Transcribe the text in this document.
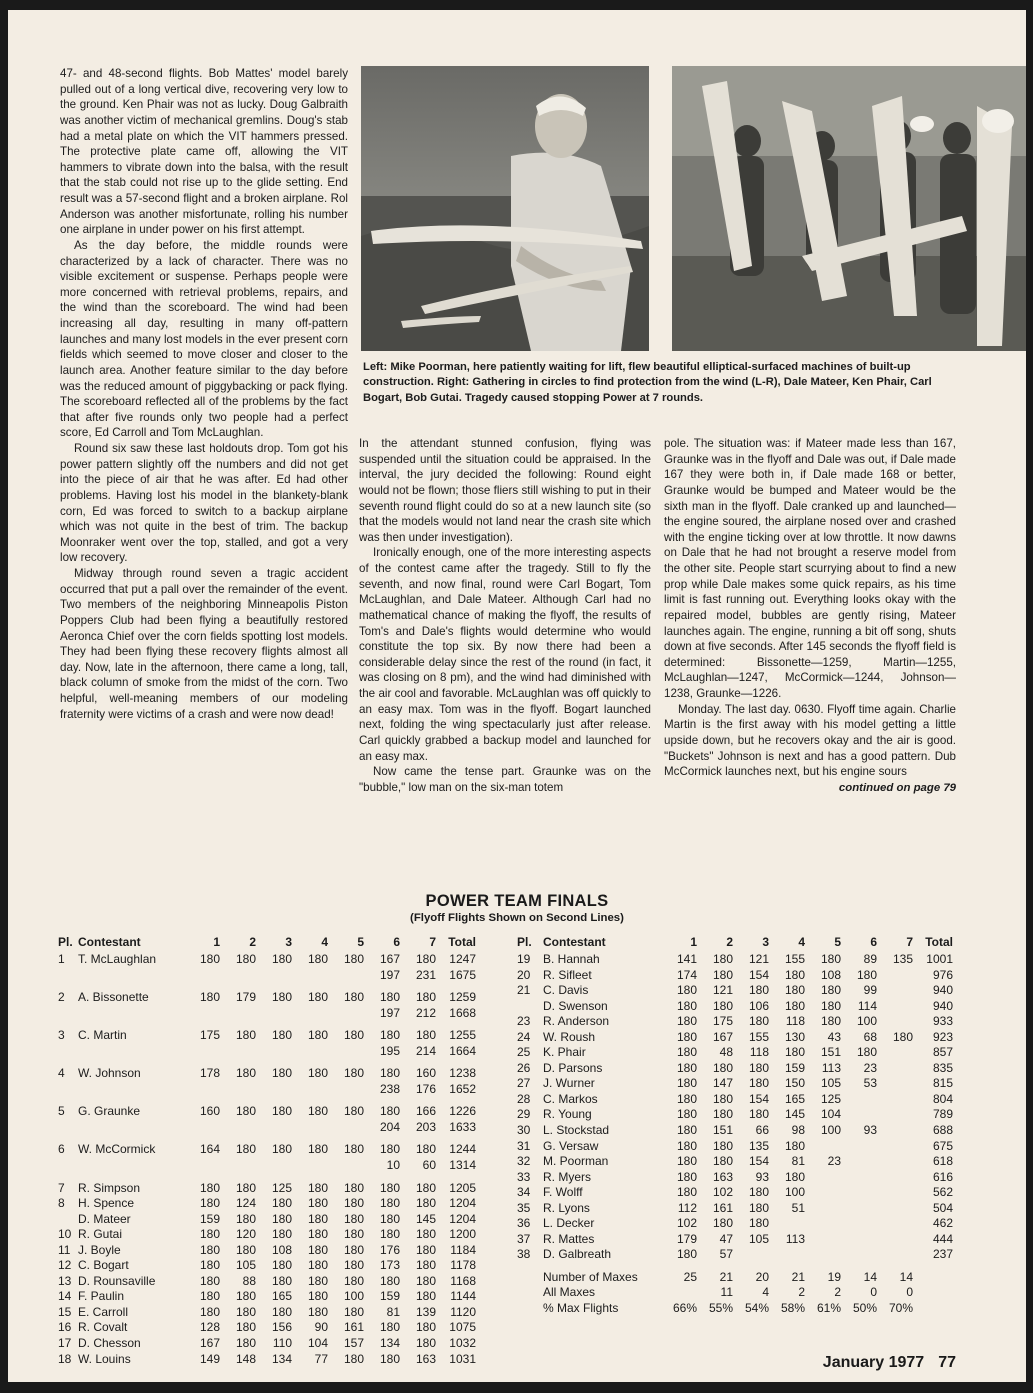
47- and 48-second flights. Bob Mattes' model barely pulled out of a long vertical dive, recovering very low to the ground. Ken Phair was not as lucky. Doug Galbraith was another victim of mechanical gremlins. Doug's stab had a metal plate on which the VIT hammers pressed. The protective plate came off, allowing the VIT hammers to vibrate down into the balsa, with the result that the stab could not rise up to the glide setting. End result was a 57-second flight and a broken airplane. Rol Anderson was another misfortunate, rolling his number one airplane in under power on his first attempt.

As the day before, the middle rounds were characterized by a lack of character. There was no visible excitement or suspense. Perhaps people were more concerned with retrieval problems, repairs, and the wind than the scoreboard. The wind had been increasing all day, resulting in many off-pattern launches and many lost models in the ever present corn fields which seemed to move closer and closer to the launch area. Another feature similar to the day before was the reduced amount of piggybacking or pack flying. The scoreboard reflected all of the problems by the fact that after five rounds only two people had a perfect score, Ed Carroll and Tom McLaughlan.

Round six saw these last holdouts drop. Tom got his power pattern slightly off the numbers and did not get into the piece of air that he was after. Ed had other problems. Having lost his model in the blankety-blank corn, Ed was forced to switch to a backup airplane which was not quite in the best of trim. The backup Moonraker went over the top, stalled, and got a very low recovery.

Midway through round seven a tragic accident occurred that put a pall over the remainder of the event. Two members of the neighboring Minneapolis Piston Poppers Club had been flying a beautifully restored Aeronca Chief over the corn fields spotting lost models. They had been flying these recovery flights almost all day. Now, late in the afternoon, there came a long, tall, black column of smoke from the midst of the corn. Two helpful, well-meaning members of our modeling fraternity were victims of a crash and were now dead!

Left: Mike Poorman, here patiently waiting for lift, flew beautiful elliptical-surfaced machines of built-up construction. Right: Gathering in circles to find protection from the wind (L-R), Dale Mateer, Ken Phair, Carl Bogart, Bob Gutai. Tragedy caused stopping Power at 7 rounds.

In the attendant stunned confusion, flying was suspended until the situation could be appraised. In the interval, the jury decided the following: Round eight would not be flown; those fliers still wishing to put in their seventh round flight could do so at a new launch site (so that the models would not land near the crash site which was then under investigation).

Ironically enough, one of the more interesting aspects of the contest came after the tragedy. Still to fly the seventh, and now final, round were Carl Bogart, Tom McLaughlan, and Dale Mateer. Although Carl had no mathematical chance of making the flyoff, the results of Tom's and Dale's flights would determine who would constitute the top six. By now there had been a considerable delay since the rest of the round (in fact, it was closing on 8 pm), and the wind had diminished with the air cool and favorable. McLaughlan was off quickly to an easy max. Tom was in the flyoff. Bogart launched next, folding the wing spectacularly just after release. Carl quickly grabbed a backup model and launched for an easy max.

Now came the tense part. Graunke was on the "bubble," low man on the six-man totem

pole. The situation was: if Mateer made less than 167, Graunke was in the flyoff and Dale was out, if Dale made 167 they were both in, if Dale made 168 or better, Graunke would be bumped and Mateer would be the sixth man in the flyoff. Dale cranked up and launched—the engine soured, the airplane nosed over and crashed with the engine ticking over at low throttle. It now dawns on Dale that he had not brought a reserve model from the other site. People start scurrying about to find a new prop while Dale makes some quick repairs, as his time limit is fast running out. Everything looks okay with the repaired model, bubbles are gently rising, Mateer launches again. The engine, running a bit off song, shuts down at five seconds. After 145 seconds the flyoff field is determined: Bissonette—1259, Martin—1255, McLaughlan—1247, McCormick—1244, Johnson—1238, Graunke—1226.

Monday. The last day. 0630. Flyoff time again. Charlie Martin is the first away with his model getting a little upside down, but he recovers okay and the air is good. "Buckets" Johnson is next and has a good pattern. Dub McCormick launches next, but his engine sours

continued on page 79
POWER TEAM FINALS
(Flyoff Flights Shown on Second Lines)
Pl.	Contestant	1	2	3	4	5	6	7	Total
1	T. McLaughlan	180	180	180	180	180	167	180	1247
							197	231	1675
2	A. Bissonette	180	179	180	180	180	180	180	1259
							197	212	1668
3	C. Martin	175	180	180	180	180	180	180	1255
							195	214	1664
4	W. Johnson	178	180	180	180	180	180	160	1238
							238	176	1652
5	G. Graunke	160	180	180	180	180	180	166	1226
							204	203	1633
6	W. McCormick	164	180	180	180	180	180	180	1244
							10	60	1314
7	R. Simpson	180	180	125	180	180	180	180	1205
8	H. Spence	180	124	180	180	180	180	180	1204
	D. Mateer	159	180	180	180	180	180	145	1204
10	R. Gutai	180	120	180	180	180	180	180	1200
11	J. Boyle	180	180	108	180	180	176	180	1184
12	C. Bogart	180	105	180	180	180	173	180	1178
13	D. Rounsaville	180	88	180	180	180	180	180	1168
14	F. Paulin	180	180	165	180	100	159	180	1144
15	E. Carroll	180	180	180	180	180	81	139	1120
16	R. Covalt	128	180	156	90	161	180	180	1075
17	D. Chesson	167	180	110	104	157	134	180	1032
18	W. Louins	149	148	134	77	180	180	163	1031
Pl.	Contestant	1	2	3	4	5	6	7	Total
19	B. Hannah	141	180	121	155	180	89	135	1001
20	R. Sifleet	174	180	154	180	108	180		976
21	C. Davis	180	121	180	180	180	99		940
	D. Swenson	180	180	106	180	180	114		940
23	R. Anderson	180	175	180	118	180	100		933
24	W. Roush	180	167	155	130	43	68	180	923
25	K. Phair	180	48	118	180	151	180		857
26	D. Parsons	180	180	180	159	113	23		835
27	J. Wurner	180	147	180	150	105	53		815
28	C. Markos	180	180	154	165	125			804
29	R. Young	180	180	180	145	104			789
30	L. Stockstad	180	151	66	98	100	93		688
31	G. Versaw	180	180	135	180				675
32	M. Poorman	180	180	154	81	23			618
33	R. Myers	180	163	93	180				616
34	F. Wolff	180	102	180	100				562
35	R. Lyons	112	161	180	51				504
36	L. Decker	102	180	180					462
37	R. Mattes	179	47	105	113				444
38	D. Galbreath	180	57						237
	Number of Maxes	25	21	20	21	19	14	14	
	All Maxes		11	4	2	2	0	0	
	% Max Flights	66%	55%	54%	58%	61%	50%	70%	
January 1977 77
